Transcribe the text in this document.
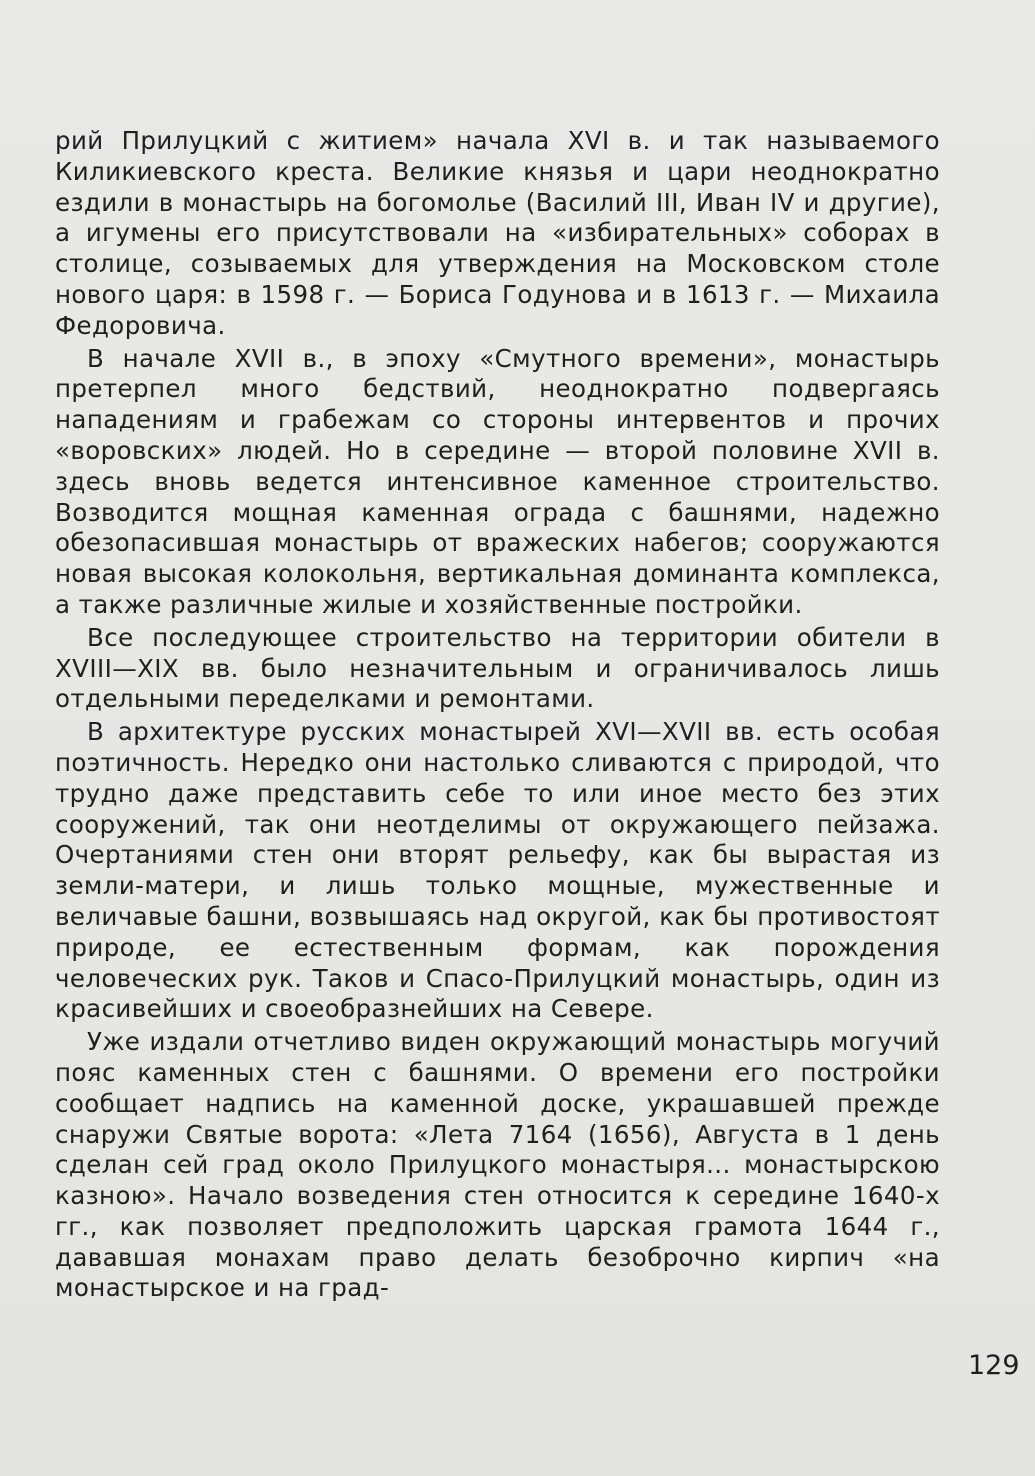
рий Прилуцкий с житием» начала XVI в. и так называемого Киликиевского креста. Великие князья и цари неоднократно ездили в монастырь на богомолье (Василий III, Иван IV и другие), а игумены его присутствовали на «избирательных» соборах в столице, созываемых для утверждения на Московском столе нового царя: в 1598 г. — Бориса Годунова и в 1613 г. — Михаила Федоровича.

В начале XVII в., в эпоху «Смутного времени», монастырь претерпел много бедствий, неоднократно подвергаясь нападениям и грабежам со стороны интервентов и прочих «воровских» людей. Но в середине — второй половине XVII в. здесь вновь ведется интенсивное каменное строительство. Возводится мощная каменная ограда с башнями, надежно обезопасившая монастырь от вражеских набегов; сооружаются новая высокая колокольня, вертикальная доминанта комплекса, а также различные жилые и хозяйственные постройки.

Все последующее строительство на территории обители в XVIII—XIX вв. было незначительным и ограничивалось лишь отдельными переделками и ремонтами.

В архитектуре русских монастырей XVI—XVII вв. есть особая поэтичность. Нередко они настолько сливаются с природой, что трудно даже представить себе то или иное место без этих сооружений, так они неотделимы от окружающего пейзажа. Очертаниями стен они вторят рельефу, как бы вырастая из земли-матери, и лишь только мощные, мужественные и величавые башни, возвышаясь над округой, как бы противостоят природе, ее естественным формам, как порождения человеческих рук. Таков и Спасо-Прилуцкий монастырь, один из красивейших и своеобразнейших на Севере.

Уже издали отчетливо виден окружающий монастырь могучий пояс каменных стен с башнями. О времени его постройки сообщает надпись на каменной доске, украшавшей прежде снаружи Святые ворота: «Лета 7164 (1656), Августа в 1 день сделан сей град около Прилуцкого монастыря... монастырскою казною». Начало возведения стен относится к середине 1640-х гг., как позволяет предположить царская грамота 1644 г., дававшая монахам право делать безоброчно кирпич «на монастырское и на град-

129
